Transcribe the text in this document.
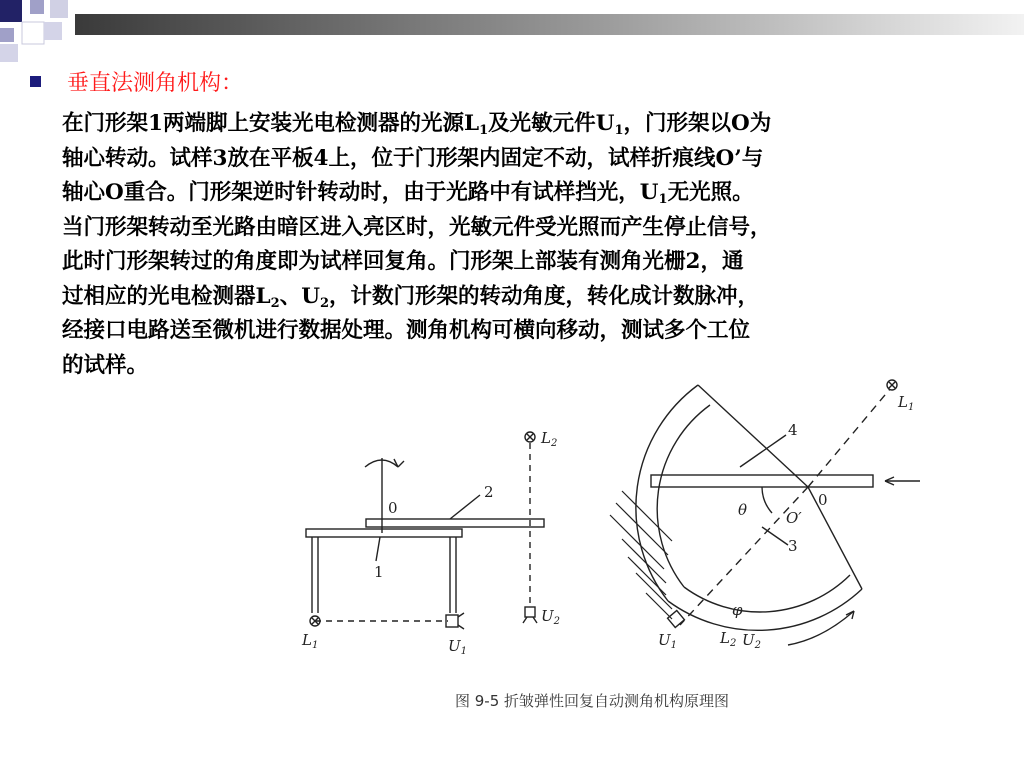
垂直法测角机构：
在门形架1两端脚上安装光电检测器的光源$L_1$及光敏元件$U_1$，门形架以O为
轴心转动。试样3放在平板4上，位于门形架内固定不动，试样折痕线O’与
轴心O重合。门形架逆时针转动时，由于光路中有试样挡光，$U_1$无光照。
当门形架转动至光路由暗区进入亮区时，光敏元件受光照而产生停止信号，
此时门形架转过的角度即为试样回复角。门形架上部装有测角光栅2，通
过相应的光电检测器$L_2$、$U_2$，计数门形架的转动角度，转化成计数脉冲，
经接口电路送至微机进行数据处理。测角机构可横向移动，测试多个工位
的试样。
0
2
1
$L_2$
$U_2$
$L_1$	$U_1$
$L_1$
4
0
θ	O′
3
φ
$U_1$	$L_2$ $U_2$
图 9-5 折皱弹性回复自动测角机构原理图
